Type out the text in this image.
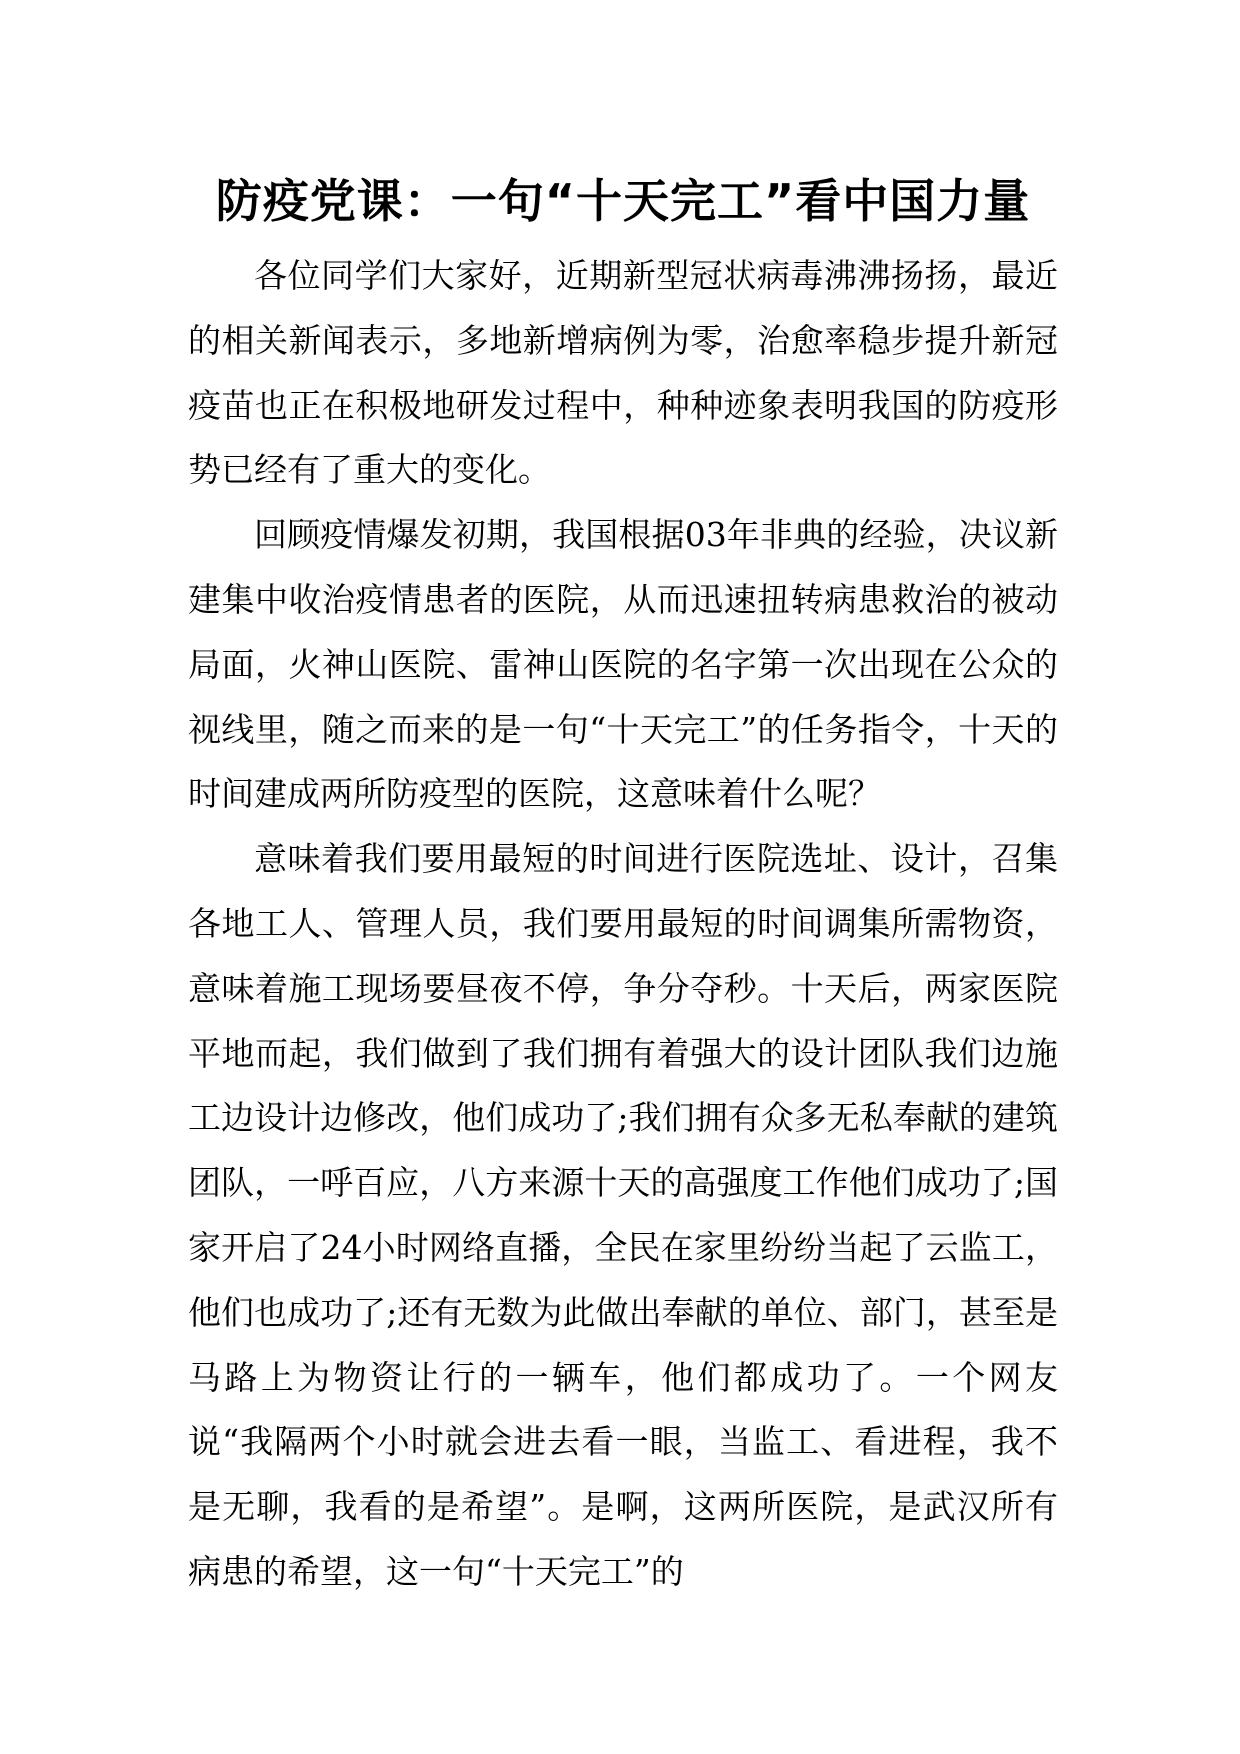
防疫党课：一句“十天完工”看中国力量

各位同学们大家好，近期新型冠状病毒沸沸扬扬，最近的相关新闻表示，多地新增病例为零，治愈率稳步提升新冠疫苗也正在积极地研发过程中，种种迹象表明我国的防疫形势已经有了重大的变化。

回顾疫情爆发初期，我国根据03年非典的经验，决议新建集中收治疫情患者的医院，从而迅速扭转病患救治的被动局面，火神山医院、雷神山医院的名字第一次出现在公众的视线里，随之而来的是一句“十天完工”的任务指令，十天的时间建成两所防疫型的医院，这意味着什么呢？

意味着我们要用最短的时间进行医院选址、设计，召集各地工人、管理人员，我们要用最短的时间调集所需物资，意味着施工现场要昼夜不停，争分夺秒。十天后，两家医院平地而起，我们做到了我们拥有着强大的设计团队我们边施工边设计边修改，他们成功了;我们拥有众多无私奉献的建筑团队，一呼百应，八方来源十天的高强度工作他们成功了;国家开启了24小时网络直播，全民在家里纷纷当起了云监工，他们也成功了;还有无数为此做出奉献的单位、部门，甚至是马路上为物资让行的一辆车，他们都成功了。一个网友说“我隔两个小时就会进去看一眼，当监工、看进程，我不是无聊，我看的是希望”。是啊，这两所医院，是武汉所有病患的希望，这一句“十天完工”的
